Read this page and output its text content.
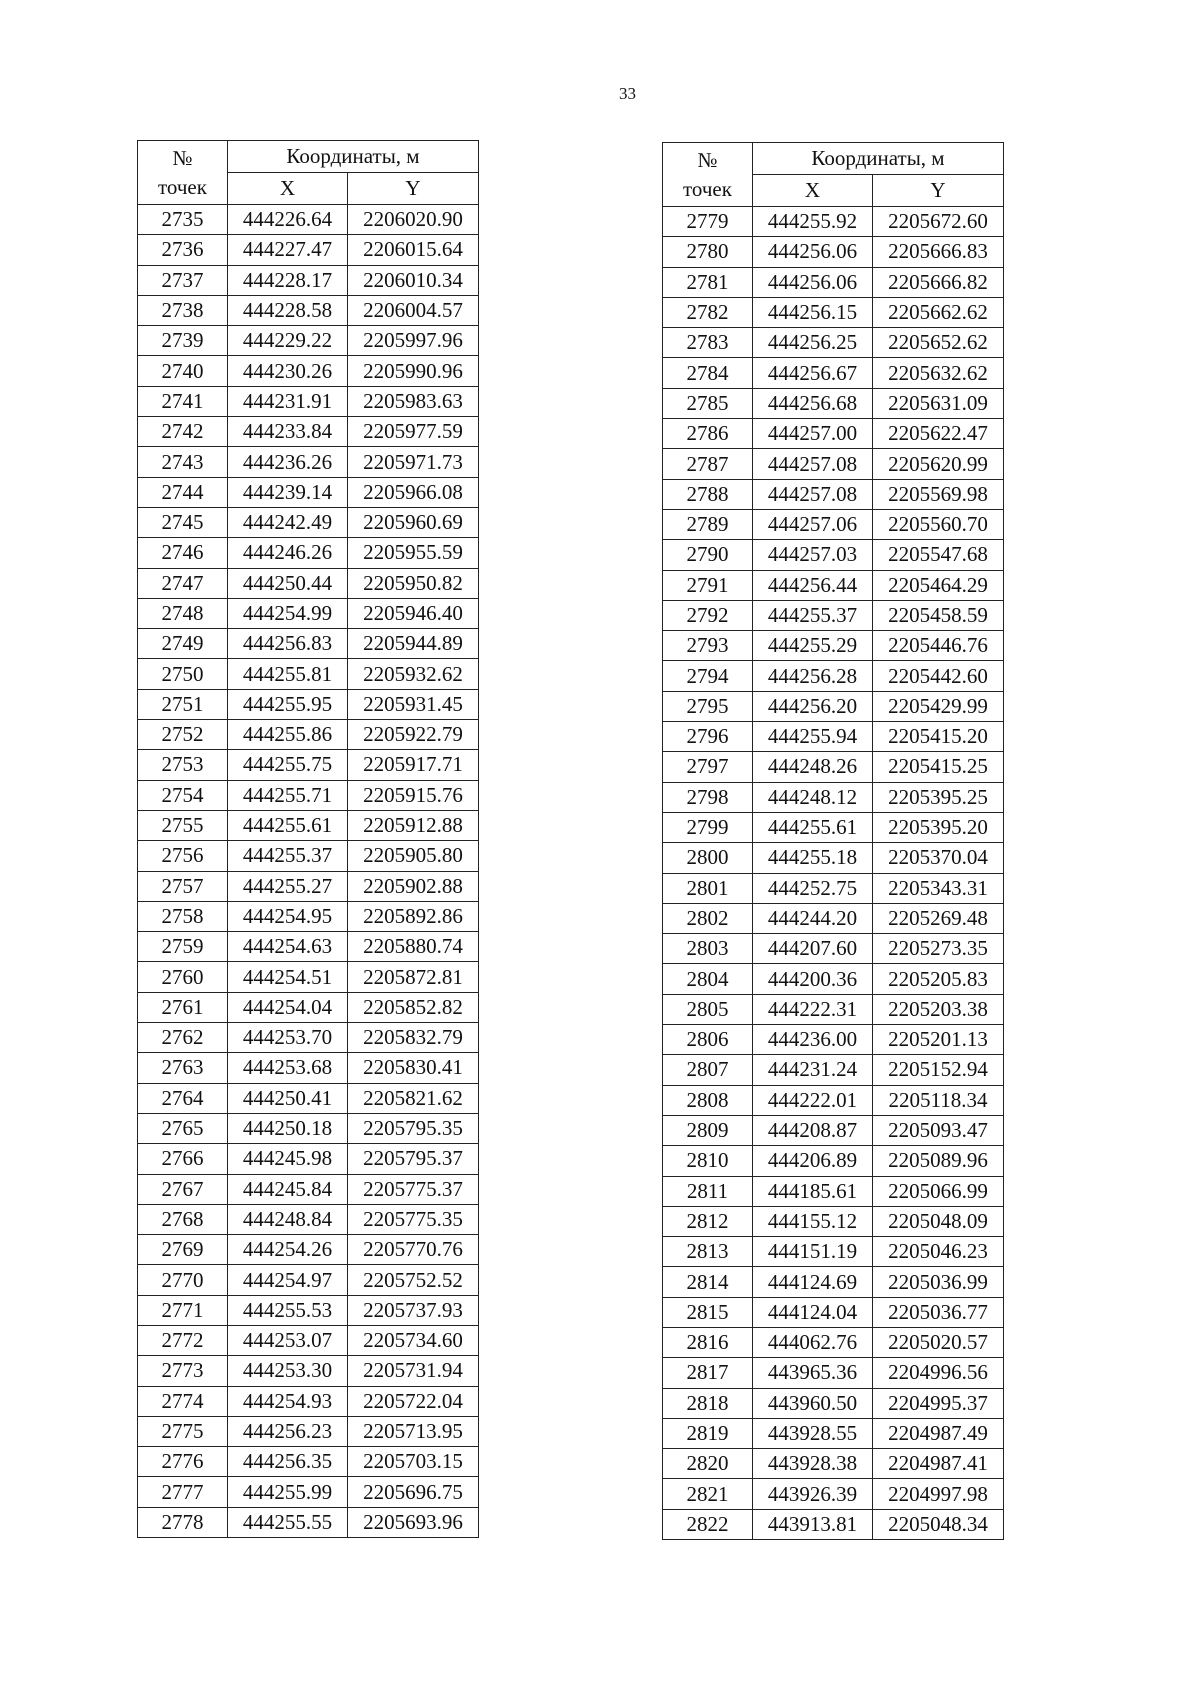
33
№
точек	Координаты, м	
	X	Y
2735	444226.64	2206020.90
2736	444227.47	2206015.64
2737	444228.17	2206010.34
2738	444228.58	2206004.57
2739	444229.22	2205997.96
2740	444230.26	2205990.96
2741	444231.91	2205983.63
2742	444233.84	2205977.59
2743	444236.26	2205971.73
2744	444239.14	2205966.08
2745	444242.49	2205960.69
2746	444246.26	2205955.59
2747	444250.44	2205950.82
2748	444254.99	2205946.40
2749	444256.83	2205944.89
2750	444255.81	2205932.62
2751	444255.95	2205931.45
2752	444255.86	2205922.79
2753	444255.75	2205917.71
2754	444255.71	2205915.76
2755	444255.61	2205912.88
2756	444255.37	2205905.80
2757	444255.27	2205902.88
2758	444254.95	2205892.86
2759	444254.63	2205880.74
2760	444254.51	2205872.81
2761	444254.04	2205852.82
2762	444253.70	2205832.79
2763	444253.68	2205830.41
2764	444250.41	2205821.62
2765	444250.18	2205795.35
2766	444245.98	2205795.37
2767	444245.84	2205775.37
2768	444248.84	2205775.35
2769	444254.26	2205770.76
2770	444254.97	2205752.52
2771	444255.53	2205737.93
2772	444253.07	2205734.60
2773	444253.30	2205731.94
2774	444254.93	2205722.04
2775	444256.23	2205713.95
2776	444256.35	2205703.15
2777	444255.99	2205696.75
2778	444255.55	2205693.96
№
точек	Координаты, м	
	X	Y
2779	444255.92	2205672.60
2780	444256.06	2205666.83
2781	444256.06	2205666.82
2782	444256.15	2205662.62
2783	444256.25	2205652.62
2784	444256.67	2205632.62
2785	444256.68	2205631.09
2786	444257.00	2205622.47
2787	444257.08	2205620.99
2788	444257.08	2205569.98
2789	444257.06	2205560.70
2790	444257.03	2205547.68
2791	444256.44	2205464.29
2792	444255.37	2205458.59
2793	444255.29	2205446.76
2794	444256.28	2205442.60
2795	444256.20	2205429.99
2796	444255.94	2205415.20
2797	444248.26	2205415.25
2798	444248.12	2205395.25
2799	444255.61	2205395.20
2800	444255.18	2205370.04
2801	444252.75	2205343.31
2802	444244.20	2205269.48
2803	444207.60	2205273.35
2804	444200.36	2205205.83
2805	444222.31	2205203.38
2806	444236.00	2205201.13
2807	444231.24	2205152.94
2808	444222.01	2205118.34
2809	444208.87	2205093.47
2810	444206.89	2205089.96
2811	444185.61	2205066.99
2812	444155.12	2205048.09
2813	444151.19	2205046.23
2814	444124.69	2205036.99
2815	444124.04	2205036.77
2816	444062.76	2205020.57
2817	443965.36	2204996.56
2818	443960.50	2204995.37
2819	443928.55	2204987.49
2820	443928.38	2204987.41
2821	443926.39	2204997.98
2822	443913.81	2205048.34
